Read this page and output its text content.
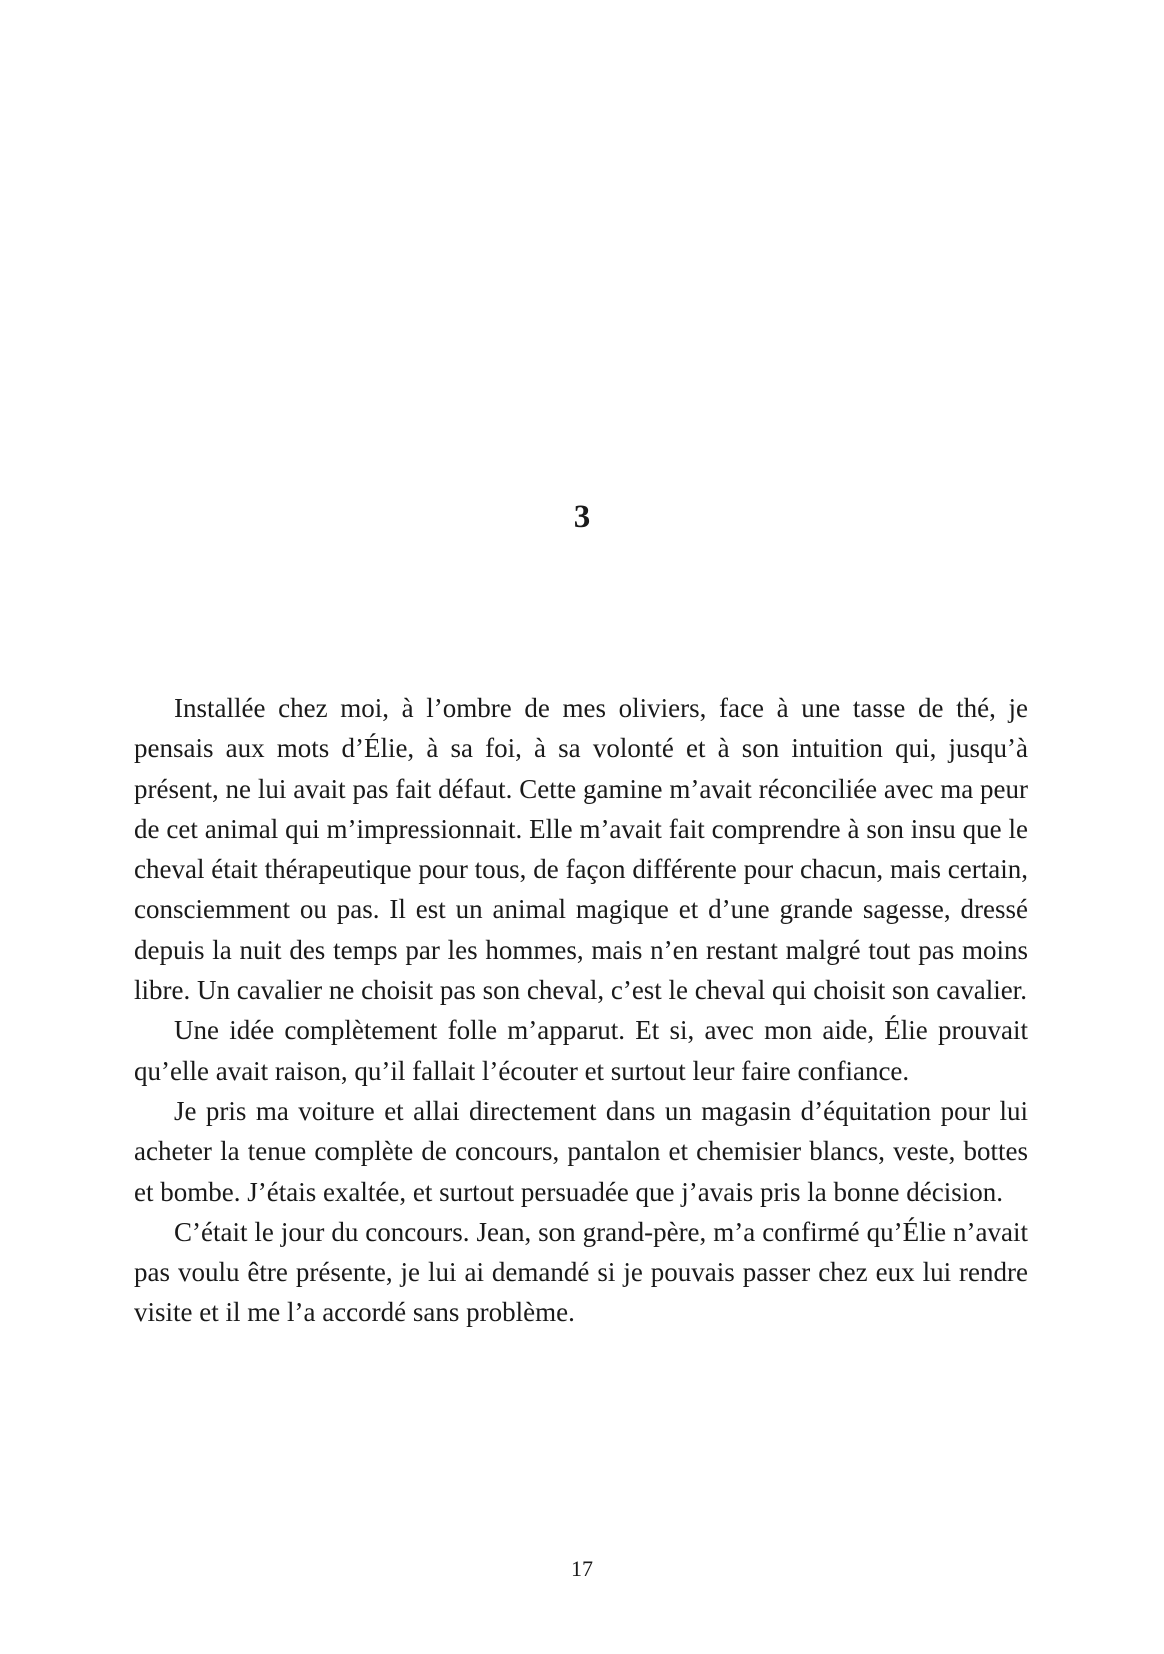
3

Installée chez moi, à l’ombre de mes oliviers, face à une tasse de thé, je pensais aux mots d’Élie, à sa foi, à sa volonté et à son intuition qui, jusqu’à présent, ne lui avait pas fait défaut. Cette gamine m’avait réconciliée avec ma peur de cet animal qui m’impressionnait. Elle m’avait fait comprendre à son insu que le cheval était thérapeutique pour tous, de façon différente pour chacun, mais certain, consciemment ou pas. Il est un animal magique et d’une grande sagesse, dressé depuis la nuit des temps par les hommes, mais n’en restant malgré tout pas moins libre. Un cavalier ne choisit pas son cheval, c’est le cheval qui choisit son cavalier.

Une idée complètement folle m’apparut. Et si, avec mon aide, Élie prouvait qu’elle avait raison, qu’il fallait l’écouter et surtout leur faire confiance.

Je pris ma voiture et allai directement dans un magasin d’équitation pour lui acheter la tenue complète de concours, pantalon et chemisier blancs, veste, bottes et bombe. J’étais exaltée, et surtout persuadée que j’avais pris la bonne décision.

C’était le jour du concours. Jean, son grand-père, m’a confirmé qu’Élie n’avait pas voulu être présente, je lui ai demandé si je pouvais passer chez eux lui rendre visite et il me l’a accordé sans problème.

17
